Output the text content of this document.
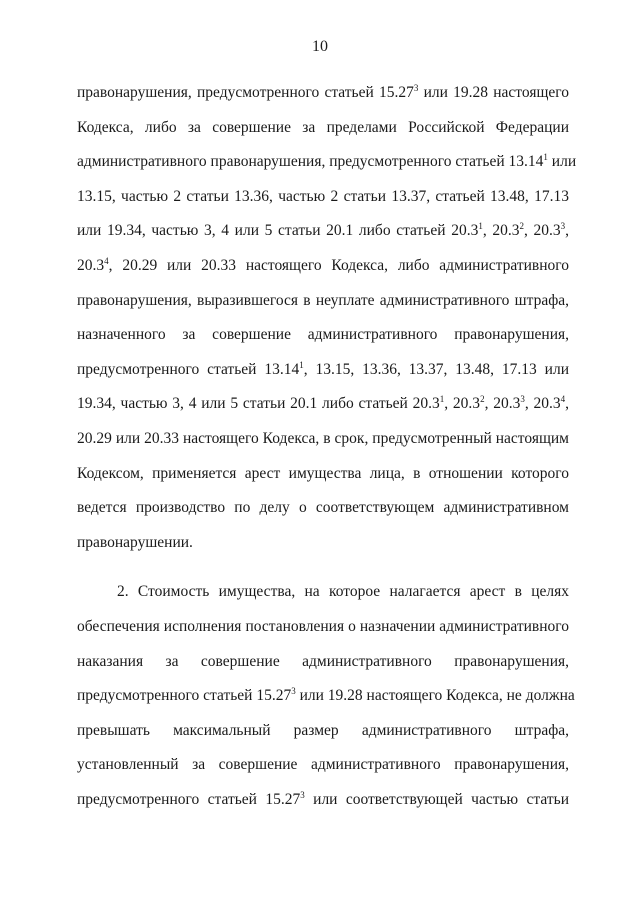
10
правонарушения, предусмотренного статьей 15.27$^3$ или 19.28 настоящего
Кодекса, либо за совершение за пределами Российской Федерации
административного правонарушения, предусмотренного статьей 13.14$^1$ или
13.15, частью 2 статьи 13.36, частью 2 статьи 13.37, статьей 13.48, 17.13
или 19.34, частью 3, 4 или 5 статьи 20.1 либо статьей 20.3$^1$, 20.3$^2$, 20.3$^3$,
20.3$^4$, 20.29 или 20.33 настоящего Кодекса, либо административного
правонарушения, выразившегося в неуплате административного штрафа,
назначенного за совершение административного правонарушения,
предусмотренного статьей 13.14$^1$, 13.15, 13.36, 13.37, 13.48, 17.13 или
19.34, частью 3, 4 или 5 статьи 20.1 либо статьей 20.3$^1$, 20.3$^2$, 20.3$^3$, 20.3$^4$,
20.29 или 20.33 настоящего Кодекса, в срок, предусмотренный настоящим
Кодексом, применяется арест имущества лица, в отношении которого
ведется производство по делу о соответствующем административном
правонарушении.
2. Стоимость имущества, на которое налагается арест в целях
обеспечения исполнения постановления о назначении административного
наказания за совершение административного правонарушения,
предусмотренного статьей 15.27$^3$ или 19.28 настоящего Кодекса, не должна
превышать максимальный размер административного штрафа,
установленный за совершение административного правонарушения,
предусмотренного статьей 15.27$^3$ или соответствующей частью статьи
